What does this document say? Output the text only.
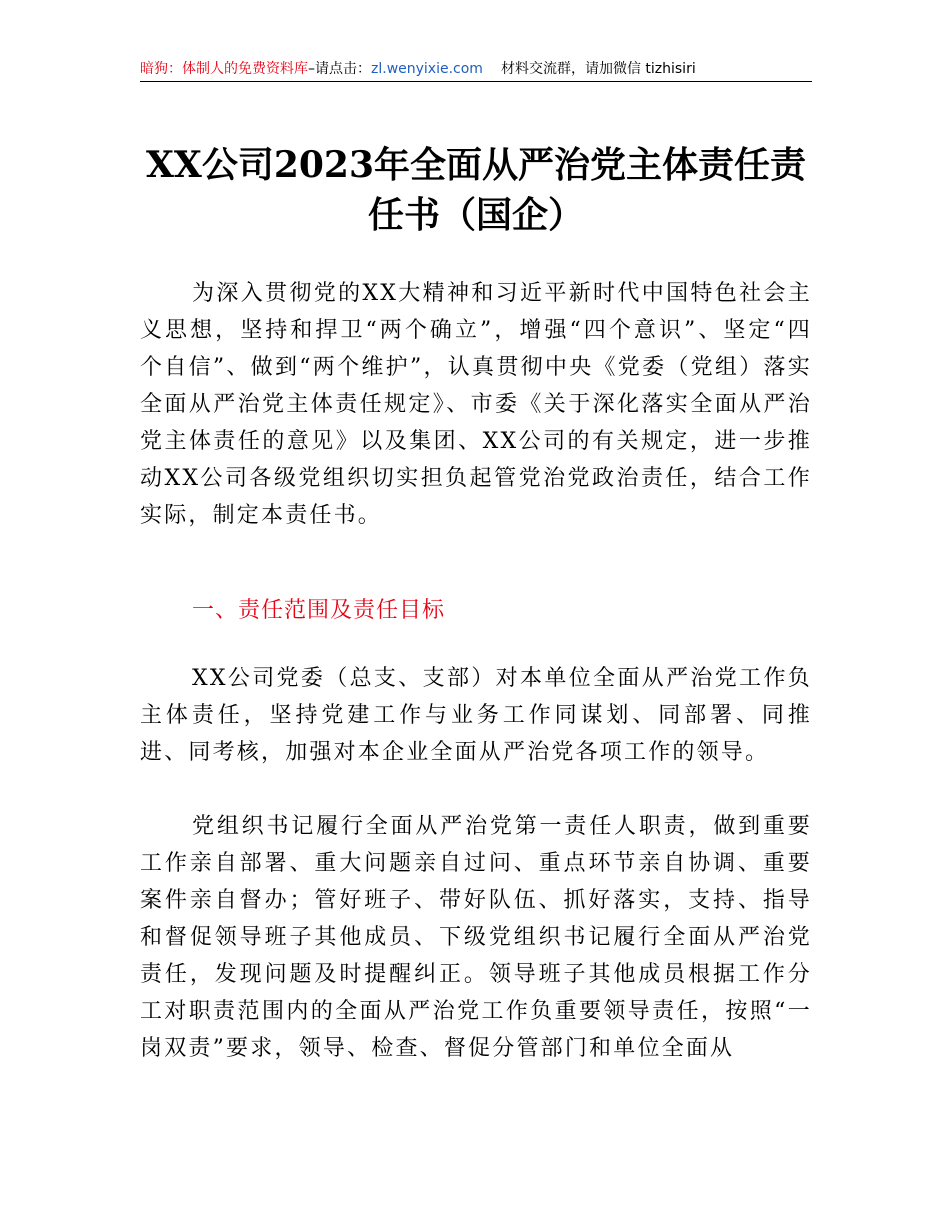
暗狗：体制人的免费资料库–请点击：zl.wenyixie.com 材料交流群，请加微信 tizhisiri
XX公司2023年全面从严治党主体责任责任书（国企）
为深入贯彻党的XX大精神和习近平新时代中国特色社会主义思想，坚持和捍卫“两个确立”，增强“四个意识”、坚定“四个自信”、做到“两个维护”，认真贯彻中央《党委（党组）落实全面从严治党主体责任规定》、市委《关于深化落实全面从严治党主体责任的意见》以及集团、XX公司的有关规定，进一步推动XX公司各级党组织切实担负起管党治党政治责任，结合工作实际，制定本责任书。
一、责任范围及责任目标
XX公司党委（总支、支部）对本单位全面从严治党工作负主体责任，坚持党建工作与业务工作同谋划、同部署、同推进、同考核，加强对本企业全面从严治党各项工作的领导。
党组织书记履行全面从严治党第一责任人职责，做到重要工作亲自部署、重大问题亲自过问、重点环节亲自协调、重要案件亲自督办；管好班子、带好队伍、抓好落实，支持、指导和督促领导班子其他成员、下级党组织书记履行全面从严治党责任，发现问题及时提醒纠正。领导班子其他成员根据工作分工对职责范围内的全面从严治党工作负重要领导责任，按照“一岗双责”要求，领导、检查、督促分管部门和单位全面从
